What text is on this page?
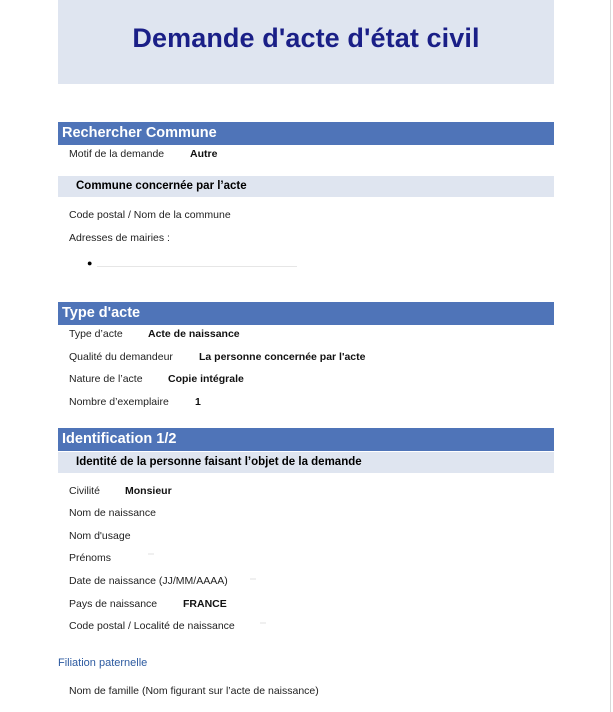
Demande d'acte d'état civil
Rechercher Commune
Motif de la demande Autre
Commune concernée par l’acte
Code postal / Nom de la commune
Adresses de mairies :
●
Type d'acte
Type d’acte Acte de naissance
Qualité du demandeur La personne concernée par l'acte
Nature de l’acte Copie intégrale
Nombre d’exemplaire 1
Identification 1/2
Identité de la personne faisant l’objet de la demande
Civilité Monsieur
Nom de naissance
Nom d'usage
Prénoms
Date de naissance (JJ/MM/AAAA)
Pays de naissance FRANCE
Code postal / Localité de naissance
Filiation paternelle
Nom de famille (Nom figurant sur l’acte de naissance)
